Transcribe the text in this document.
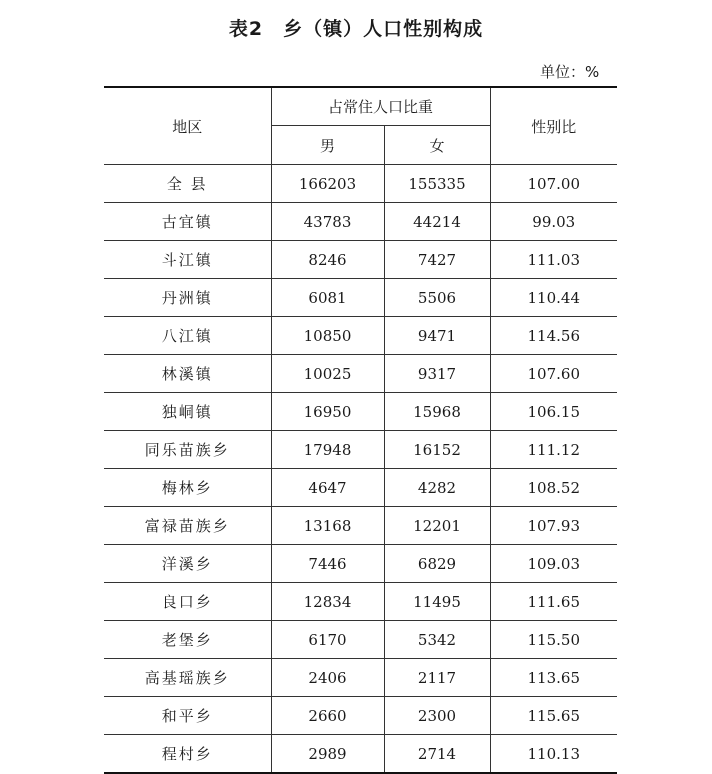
表2　乡（镇）人口性别构成
单位：%
地区	占常住人口比重		性别比
	男	女	
全 县	166203	155335	107.00
古宜镇	43783	44214	99.03
斗江镇	8246	7427	111.03
丹洲镇	6081	5506	110.44
八江镇	10850	9471	114.56
林溪镇	10025	9317	107.60
独峒镇	16950	15968	106.15
同乐苗族乡	17948	16152	111.12
梅林乡	4647	4282	108.52
富禄苗族乡	13168	12201	107.93
洋溪乡	7446	6829	109.03
良口乡	12834	11495	111.65
老堡乡	6170	5342	115.50
高基瑶族乡	2406	2117	113.65
和平乡	2660	2300	115.65
程村乡	2989	2714	110.13
